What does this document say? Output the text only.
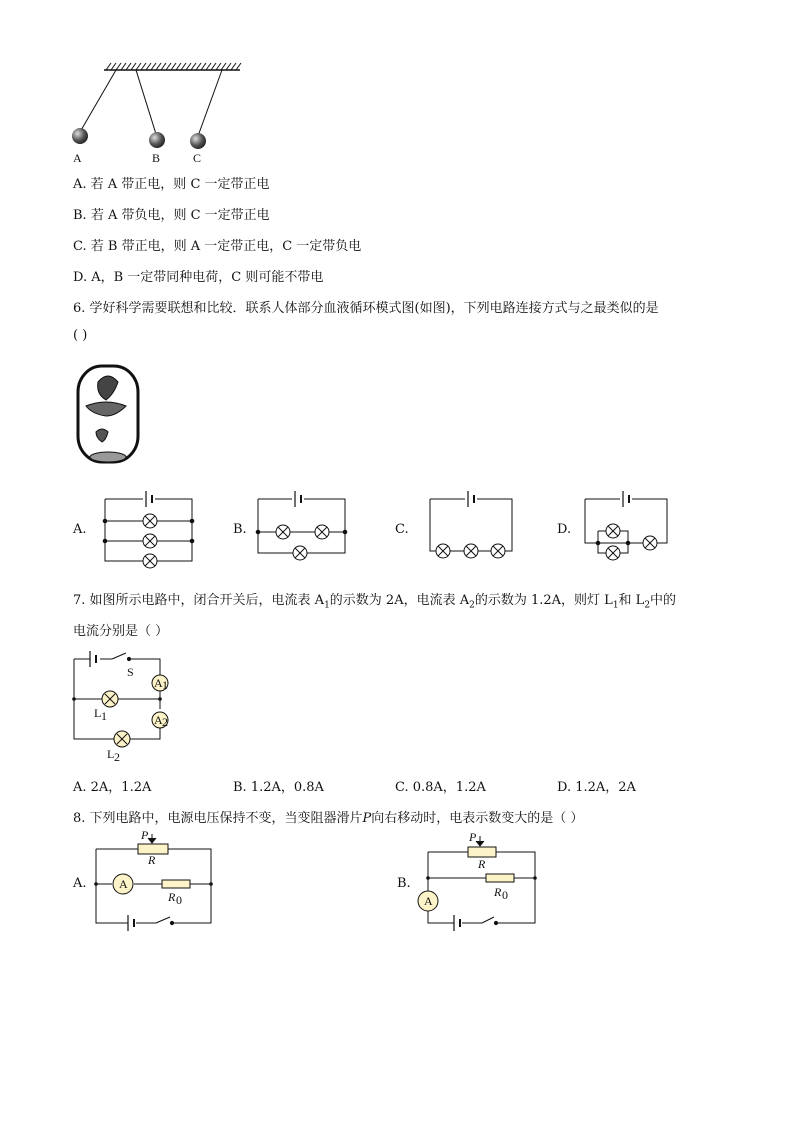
A	B	C
A. 若 A 带正电，则 C 一定带正电
B. 若 A 带负电，则 C 一定带正电
C. 若 B 带正电，则 A 一定带正电，C 一定带负电
D. A，B 一定带同种电荷，C 则可能不带电
6. 学好科学需要联想和比较．联系人体部分血液循环模式图(如图)，下列电路连接方式与之最类似的是
( )
A.	B.	C.	D.
7. 如图所示电路中，闭合开关后，电流表 $A_1$的示数为 2A，电流表 $A_2$的示数为 1.2A，则灯 $L_1$和 $L_2$中的
电流分别是（ ）
S
A 1
A 2
L 1
L 2
A. 2A，1.2A	B. 1.2A，0.8A	C. 0.8A，1.2A	D. 1.2A，2A
8. 下列电路中，电源电压保持不变，当变阻器滑片P向右移动时，电表示数变大的是（ ）
A.	B.
P
R
A
R 0
P
R
A
R 0
